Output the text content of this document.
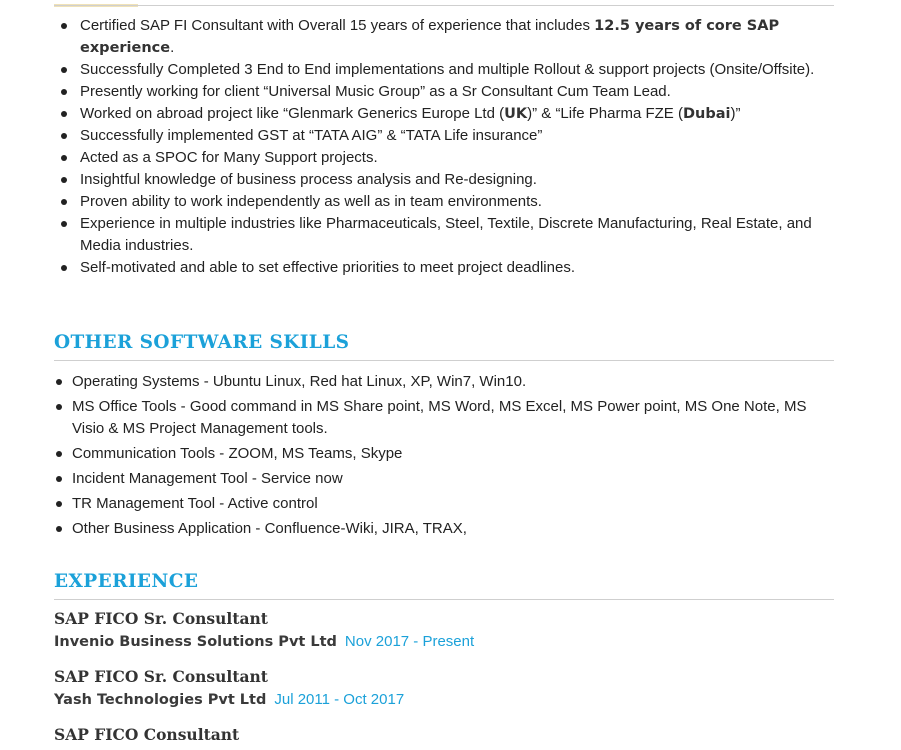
Certified SAP FI Consultant with Overall 15 years of experience that includes 12.5 years of core SAP experience.
Successfully Completed 3 End to End implementations and multiple Rollout & support projects (Onsite/Offsite).
Presently working for client “Universal Music Group” as a Sr Consultant Cum Team Lead.
Worked on abroad project like “Glenmark Generics Europe Ltd (UK)” & “Life Pharma FZE (Dubai)”
Successfully implemented GST at “TATA AIG” & “TATA Life insurance”
Acted as a SPOC for Many Support projects.
Insightful knowledge of business process analysis and Re-designing.
Proven ability to work independently as well as in team environments.
Experience in multiple industries like Pharmaceuticals, Steel, Textile, Discrete Manufacturing, Real Estate, and Media industries.
Self-motivated and able to set effective priorities to meet project deadlines.
OTHER SOFTWARE SKILLS
Operating Systems - Ubuntu Linux, Red hat Linux, XP, Win7, Win10.
MS Office Tools - Good command in MS Share point, MS Word, MS Excel, MS Power point, MS One Note, MS Visio & MS Project Management tools.
Communication Tools - ZOOM, MS Teams, Skype
Incident Management Tool - Service now
TR Management Tool - Active control
Other Business Application - Confluence-Wiki, JIRA, TRAX,
EXPERIENCE
SAP FICO Sr. Consultant
Invenio Business Solutions Pvt Ltd Nov 2017 - Present
SAP FICO Sr. Consultant
Yash Technologies Pvt Ltd Jul 2011 - Oct 2017
SAP FICO Consultant
